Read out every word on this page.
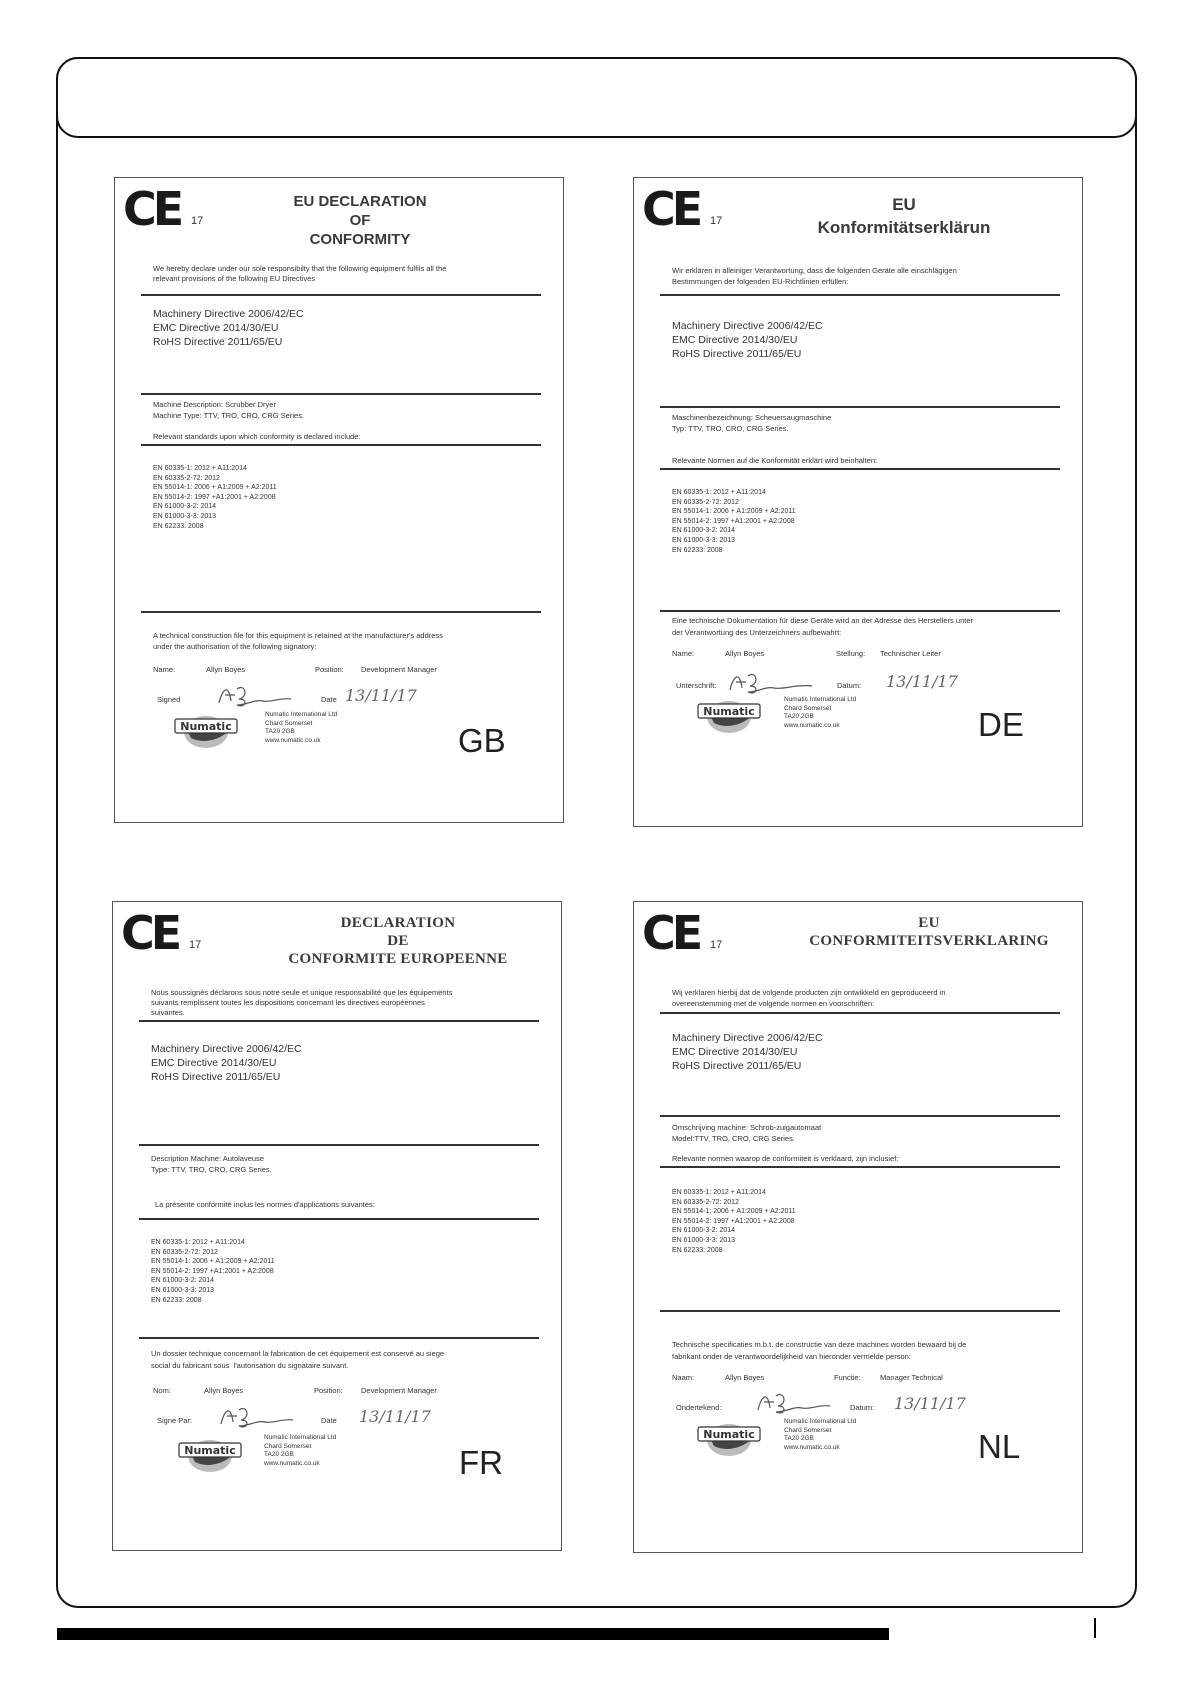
CE 17
EU DECLARATION
OF
CONFORMITY
We hereby declare under our sole responsibilty that the following equipment fulfils all the
relevant provisions of the following EU Directives
Machinery Directive 2006/42/EC
EMC Directive 2014/30/EU
RoHS Directive 2011/65/EU
Machine Description: Scrubber Dryer
Machine Type: TTV, TRO, CRO, CRG Series.
Relevant standards upon which conformity is declared include:
EN 60335-1: 2012 + A11:2014
EN 60335-2-72: 2012
EN 55014-1: 2006 + A1:2009 + A2:2011
EN 55014-2: 1997 +A1:2001 + A2:2008
EN 61000-3-2: 2014
EN 61000-3-3: 2013
EN 62233: 2008
A technical construction file for this equipment is retained at the manufacturer's address
under the authorisation of the following signatory:
Name:	Allyn Boyes	Position: Development Manager
Signed	Date 13/11/17
Numatic
Numatic International Ltd
Chard Somerset
TA20 2GB
www.numatic.co.uk	GB
CE 17
EU
Konformitätserklärun
Wir erklären in alleiniger Verantwortung, dass die folgenden Geräte alle einschlägigen
Bestimmungen der folgenden EU-Richtlinien erfüllen:
Machinery Directive 2006/42/EC
EMC Directive 2014/30/EU
RoHS Directive 2011/65/EU
Maschinenbezeichnung: Scheuersaugmaschine
Typ: TTV, TRO, CRO, CRG Series.
Relevante Normen auf die Konformität erklärt wird beinhalten:
EN 60335-1: 2012 + A11:2014
EN 60335-2-72: 2012
EN 55014-1: 2006 + A1:2009 + A2:2011
EN 55014-2: 1997 +A1:2001 + A2:2008
EN 61000-3-2: 2014
EN 61000-3-3: 2013
EN 62233: 2008
Eine technische Dokumentation für diese Geräte wird an der Adresse des Herstellers unter
der Verantwortung des Unterzeichners aufbewahrt:
Name:	Allyn Boyes	Stellung: Technischer Leiter
Unterschrift:	Datum: 13/11/17
Numatic
Numatic International Ltd
Chard Somerset
TA20 2GB
www.numatic.co.uk	DE
CE 17
DECLARATION
DE
CONFORMITE EUROPEENNE
Nous soussignés déclarons sous notre seule et unique responsabilité que les équipements
suivants remplissent toutes les dispositions concernant les directives européennes
suivantes.
Machinery Directive 2006/42/EC
EMC Directive 2014/30/EU
RoHS Directive 2011/65/EU
Description Machine: Autolaveuse
Type: TTV, TRO, CRO, CRG Series.
La présente conformité inclus les normes d'applications suivantes:
EN 60335-1: 2012 + A11:2014
EN 60335-2-72: 2012
EN 55014-1: 2006 + A1:2009 + A2:2011
EN 55014-2: 1997 +A1:2001 + A2:2008
EN 61000-3-2: 2014
EN 61000-3-3: 2013
EN 62233: 2008
Un dossier technique concernant la fabrication de cet équipement est conservé au siege
social du fabricant sous  l'autorisation du signataire suivant.
Nom:	Allyn Boyes	Position: Development Manager
Signe Par:	Date 13/11/17
Numatic
Numatic International Ltd
Chard Somerset
TA20 2GB
www.numatic.co.uk	FR
CE 17
EU
CONFORMITEITSVERKLARING
Wij verklaren hierbij dat de volgende producten zijn ontwikkeld en geproduceerd in
overeenstemming met de volgende normen en voorschriften:
Machinery Directive 2006/42/EC
EMC Directive 2014/30/EU
RoHS Directive 2011/65/EU
Omschrijving machine: Schrob-zuigautomaat
Model:TTV, TRO, CRO, CRG Series.
Relevante normen waarop de conformiteit is verklaard, zijn inclusief:
EN 60335-1: 2012 + A11:2014
EN 60335-2-72: 2012
EN 55014-1: 2006 + A1:2009 + A2:2011
EN 55014-2: 1997 +A1:2001 + A2:2008
EN 61000-3-2: 2014
EN 61000-3-3: 2013
EN 62233: 2008
Technische specificaties m.b.t. de constructie van deze machines worden bewaard bij de
fabrikant onder de verantwoordelijkheid van hieronder vermelde person:
Naam:	Allyn Boyes	Functie:	Manager Technical
Ondertekend:	Datum: 13/11/17
Numatic
Numatic International Ltd
Chard Somerset
TA20 2GB
www.numatic.co.uk	NL
